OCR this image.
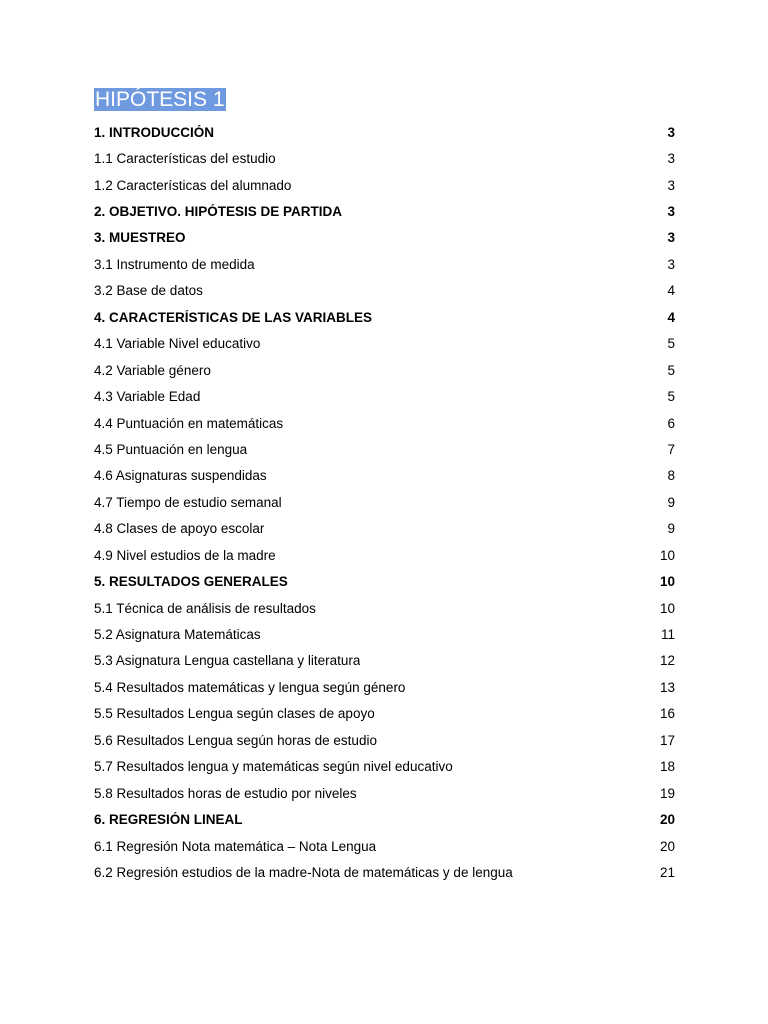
HIPÓTESIS 1
1. INTRODUCCIÓN	3
1.1 Características del estudio	3
1.2 Características del alumnado	3
2. OBJETIVO. HIPÓTESIS DE PARTIDA	3
3. MUESTREO	3
3.1 Instrumento de medida	3
3.2 Base de datos	4
4. CARACTERÍSTICAS DE LAS VARIABLES	4
4.1 Variable Nivel educativo	5
4.2 Variable género	5
4.3 Variable Edad	5
4.4 Puntuación en matemáticas	6
4.5 Puntuación en lengua	7
4.6 Asignaturas suspendidas	8
4.7 Tiempo de estudio semanal	9
4.8 Clases de apoyo escolar	9
4.9 Nivel estudios de la madre	10
5. RESULTADOS GENERALES	10
5.1 Técnica de análisis de resultados	10
5.2 Asignatura Matemáticas	11
5.3 Asignatura Lengua castellana y literatura	12
5.4 Resultados matemáticas y lengua según género	13
5.5 Resultados Lengua según clases de apoyo	16
5.6 Resultados Lengua según horas de estudio	17
5.7 Resultados lengua y matemáticas según nivel educativo	18
5.8 Resultados horas de estudio por niveles	19
6. REGRESIÓN LINEAL	20
6.1 Regresión Nota matemática – Nota Lengua	20
6.2 Regresión estudios de la madre-Nota de matemáticas y de lengua	21
